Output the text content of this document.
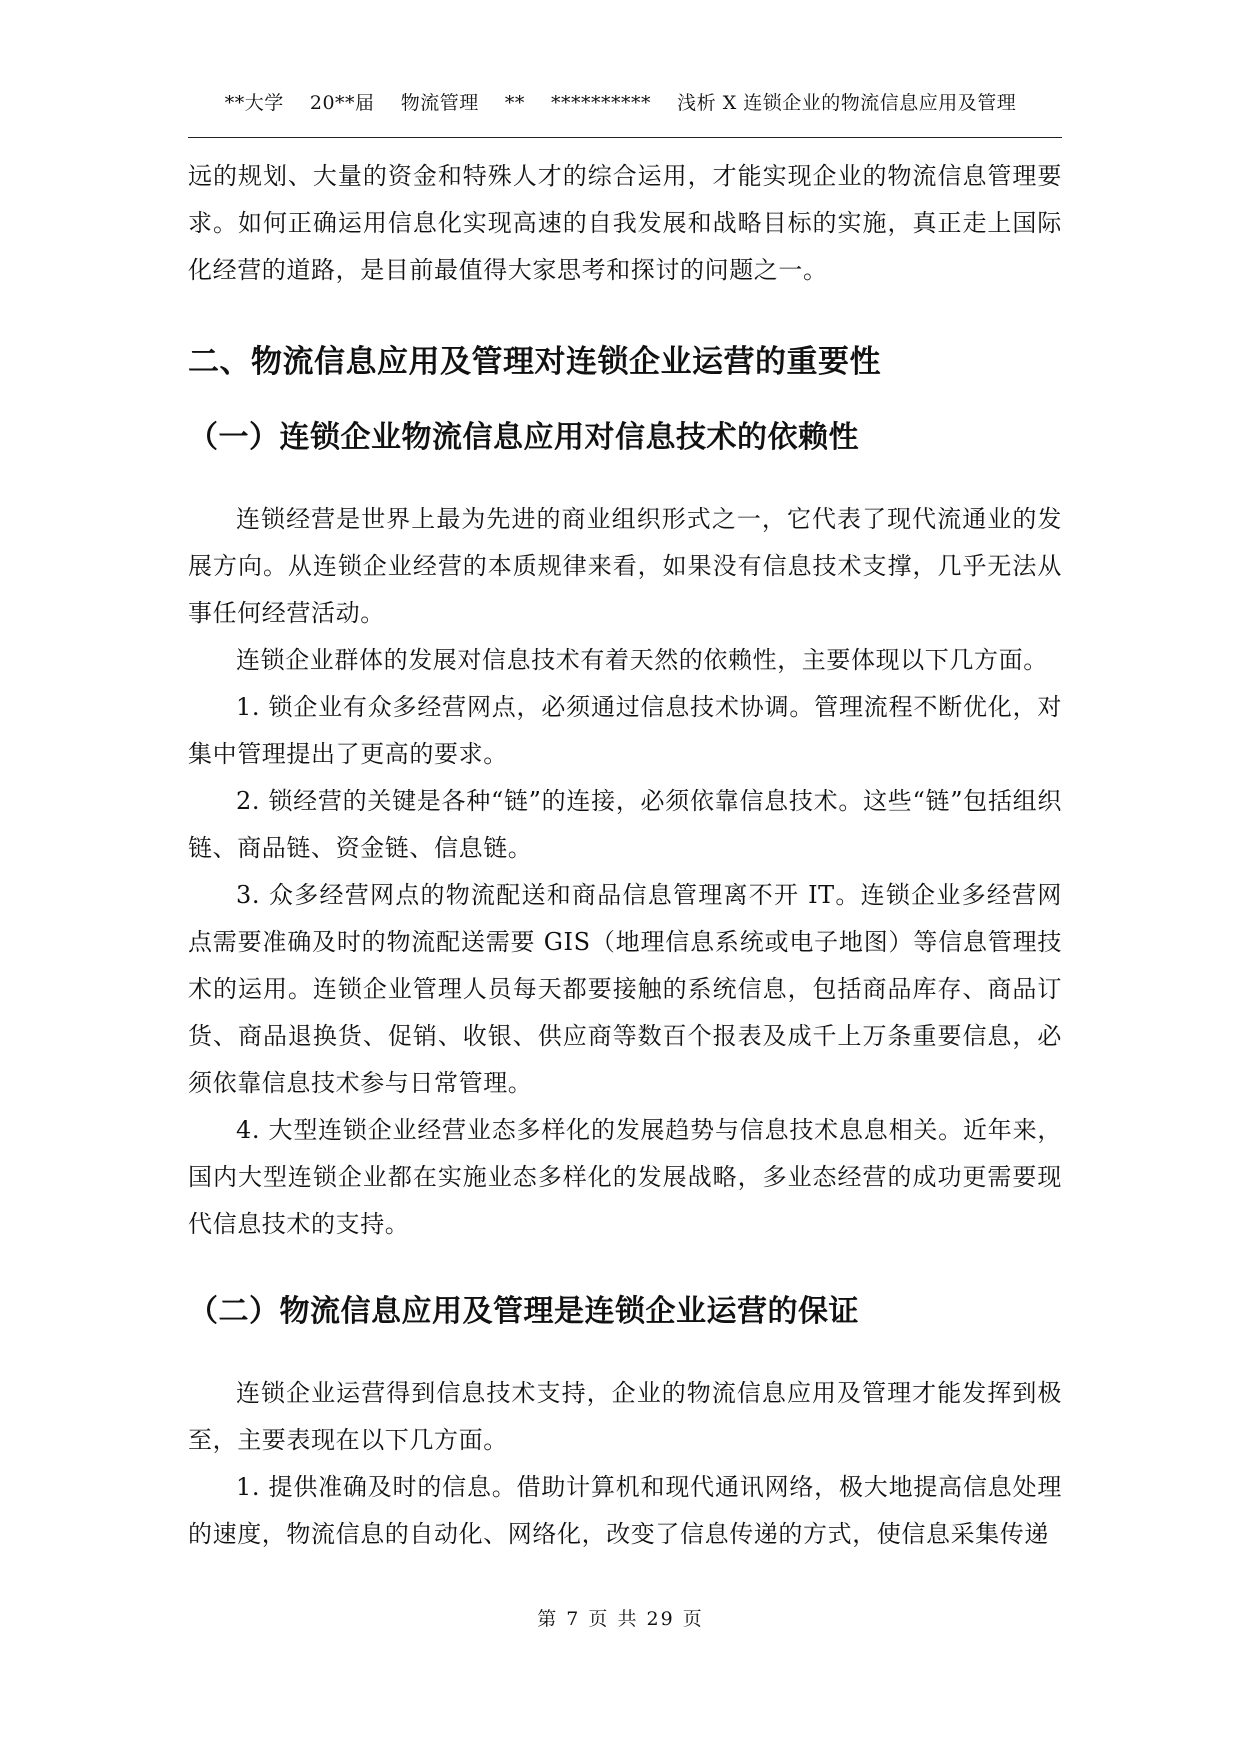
**大学    20**届    物流管理    **    **********    浅析 X 连锁企业的物流信息应用及管理

远的规划、大量的资金和特殊人才的综合运用，才能实现企业的物流信息管理要求。如何正确运用信息化实现高速的自我发展和战略目标的实施，真正走上国际化经营的道路，是目前最值得大家思考和探讨的问题之一。

二、物流信息应用及管理对连锁企业运营的重要性
（一）连锁企业物流信息应用对信息技术的依赖性

连锁经营是世界上最为先进的商业组织形式之一，它代表了现代流通业的发展方向。从连锁企业经营的本质规律来看，如果没有信息技术支撑，几乎无法从事任何经营活动。

连锁企业群体的发展对信息技术有着天然的依赖性，主要体现以下几方面。

1. 锁企业有众多经营网点，必须通过信息技术协调。管理流程不断优化，对集中管理提出了更高的要求。

2. 锁经营的关键是各种“链”的连接，必须依靠信息技术。这些“链”包括组织链、商品链、资金链、信息链。

3. 众多经营网点的物流配送和商品信息管理离不开 IT。连锁企业多经营网点需要准确及时的物流配送需要 GIS（地理信息系统或电子地图）等信息管理技术的运用。连锁企业管理人员每天都要接触的系统信息，包括商品库存、商品订货、商品退换货、促销、收银、供应商等数百个报表及成千上万条重要信息，必须依靠信息技术参与日常管理。

4. 大型连锁企业经营业态多样化的发展趋势与信息技术息息相关。近年来，国内大型连锁企业都在实施业态多样化的发展战略，多业态经营的成功更需要现代信息技术的支持。

（二）物流信息应用及管理是连锁企业运营的保证

连锁企业运营得到信息技术支持，企业的物流信息应用及管理才能发挥到极至，主要表现在以下几方面。

1. 提供准确及时的信息。借助计算机和现代通讯网络，极大地提高信息处理的速度，物流信息的自动化、网络化，改变了信息传递的方式，使信息采集传递

第 7 页 共 29 页
